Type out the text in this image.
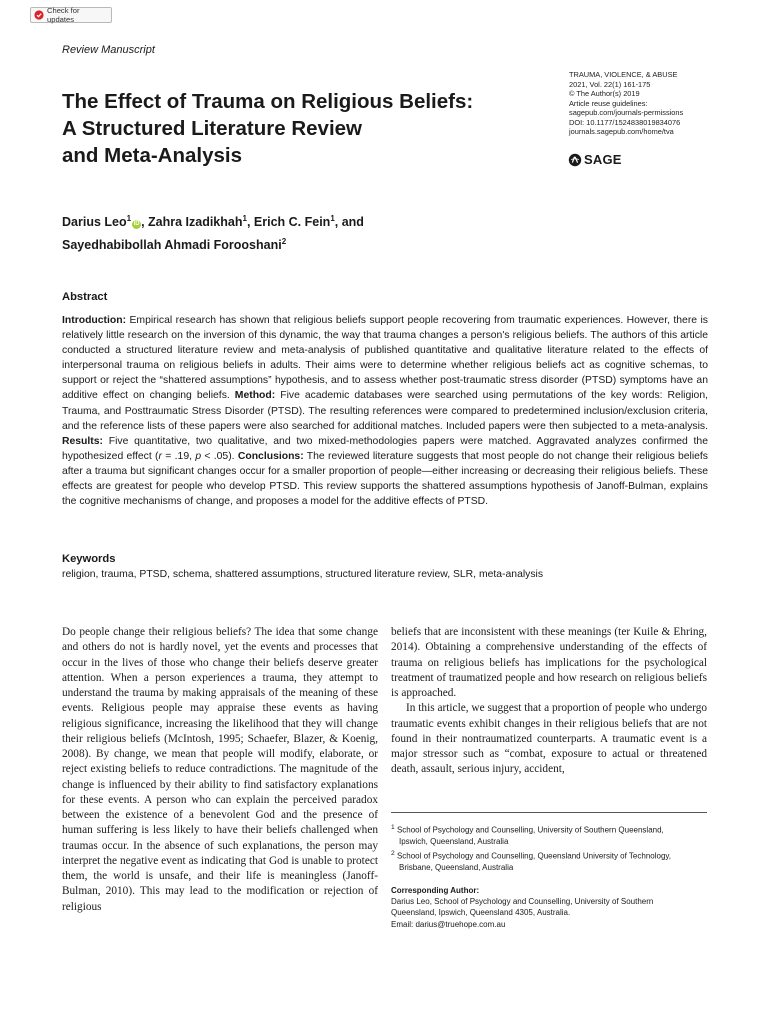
Check for updates
Review Manuscript
TRAUMA, VIOLENCE, & ABUSE
2021, Vol. 22(1) 161-175
© The Author(s) 2019
Article reuse guidelines:
sagepub.com/journals-permissions
DOI: 10.1177/1524838019834076
journals.sagepub.com/home/tva
SAGE
The Effect of Trauma on Religious Beliefs:
A Structured Literature Review
and Meta-Analysis
Darius Leo$^1$iD , Zahra Izadikhah$^1$, Erich C. Fein$^1$, and
Sayedhabibollah Ahmadi Forooshani$^2$
Abstract

Introduction: Empirical research has shown that religious beliefs support people recovering from traumatic experiences. However, there is relatively little research on the inversion of this dynamic, the way that trauma changes a person's religious beliefs. The authors of this article conducted a structured literature review and meta-analysis of published quantitative and qualitative literature related to the effects of interpersonal trauma on religious beliefs in adults. Their aims were to determine whether religious beliefs act as cognitive schemas, to support or reject the “shattered assumptions” hypothesis, and to assess whether post-traumatic stress disorder (PTSD) symptoms have an additive effect on changing beliefs. Method: Five academic databases were searched using permutations of the key words: Religion, Trauma, and Posttraumatic Stress Disorder (PTSD). The resulting references were compared to predetermined inclusion/exclusion criteria, and the reference lists of these papers were also searched for additional matches. Included papers were then subjected to a meta-analysis. Results: Five quantitative, two qualitative, and two mixed-methodologies papers were matched. Aggravated analyzes confirmed the hypothesized effect (r = .19, p < .05). Conclusions: The reviewed literature suggests that most people do not change their religious beliefs after a trauma but significant changes occur for a smaller proportion of people—either increasing or decreasing their religious beliefs. These effects are greatest for people who develop PTSD. This review supports the shattered assumptions hypothesis of Janoff-Bulman, explains the cognitive mechanisms of change, and proposes a model for the additive effects of PTSD.

Keywords
religion, trauma, PTSD, schema, shattered assumptions, structured literature review, SLR, meta-analysis

Do people change their religious beliefs? The idea that some change and others do not is hardly novel, yet the events and processes that occur in the lives of those who change their beliefs deserve greater attention. When a person experiences a trauma, they attempt to understand the trauma by making appraisals of the meaning of these events. Religious people may appraise these events as having religious significance, increasing the likelihood that they will change their religious beliefs (McIntosh, 1995; Schaefer, Blazer, & Koenig, 2008). By change, we mean that people will modify, elaborate, or reject existing beliefs to reduce contradictions. The magnitude of the change is influenced by their ability to find satisfactory explanations for these events. A person who can explain the perceived paradox between the existence of a benevolent God and the presence of human suffering is less likely to have their beliefs challenged when traumas occur. In the absence of such explanations, the person may interpret the negative event as indicating that God is unable to protect them, the world is unsafe, and their life is meaningless (Janoff-Bulman, 2010). This may lead to the modification or rejection of religious

beliefs that are inconsistent with these meanings (ter Kuile & Ehring, 2014). Obtaining a comprehensive understanding of the effects of trauma on religious beliefs has implications for the psychological treatment of traumatized people and how research on religious beliefs is approached.

In this article, we suggest that a proportion of people who undergo traumatic events exhibit changes in their religious beliefs that are not found in their nontraumatized counterparts. A traumatic event is a major stressor such as “combat, exposure to actual or threatened death, assault, serious injury, accident,

$^1$ School of Psychology and Counselling, University of Southern Queensland,
Ipswich, Queensland, Australia
$^2$ School of Psychology and Counselling, Queensland University of Technology,
Brisbane, Queensland, Australia
Corresponding Author:
Darius Leo, School of Psychology and Counselling, University of Southern
Queensland, Ipswich, Queensland 4305, Australia.
Email: darius@truehope.com.au
